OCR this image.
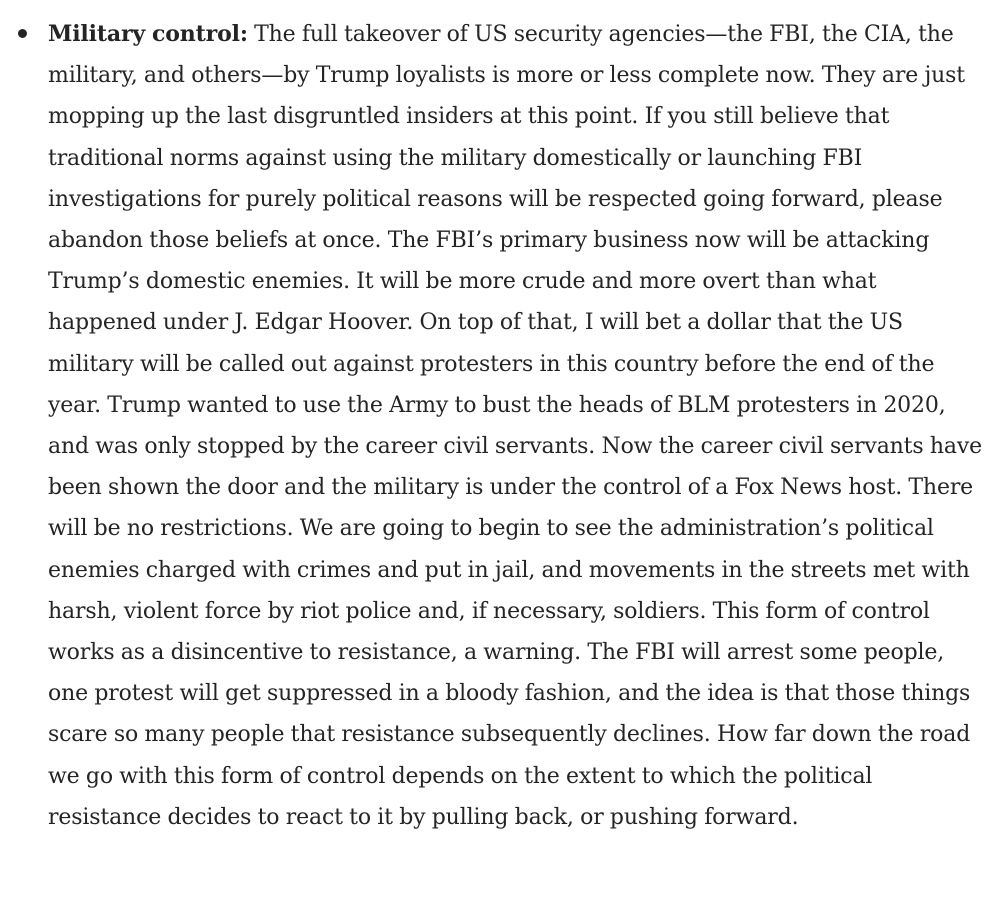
Military control: The full takeover of US security agencies—the FBI, the CIA, the military, and others—by Trump loyalists is more or less complete now. They are just mopping up the last disgruntled insiders at this point. If you still believe that traditional norms against using the military domestically or launching FBI investigations for purely political reasons will be respected going forward, please abandon those beliefs at once. The FBI’s primary business now will be attacking Trump’s domestic enemies. It will be more crude and more overt than what happened under J. Edgar Hoover. On top of that, I will bet a dollar that the US military will be called out against protesters in this country before the end of the year. Trump wanted to use the Army to bust the heads of BLM protesters in 2020, and was only stopped by the career civil servants. Now the career civil servants have been shown the door and the military is under the control of a Fox News host. There will be no restrictions. We are going to begin to see the administration’s political enemies charged with crimes and put in jail, and movements in the streets met with harsh, violent force by riot police and, if necessary, soldiers. This form of control works as a disincentive to resistance, a warning. The FBI will arrest some people, one protest will get suppressed in a bloody fashion, and the idea is that those things scare so many people that resistance subsequently declines. How far down the road we go with this form of control depends on the extent to which the political resistance decides to react to it by pulling back, or pushing forward.
